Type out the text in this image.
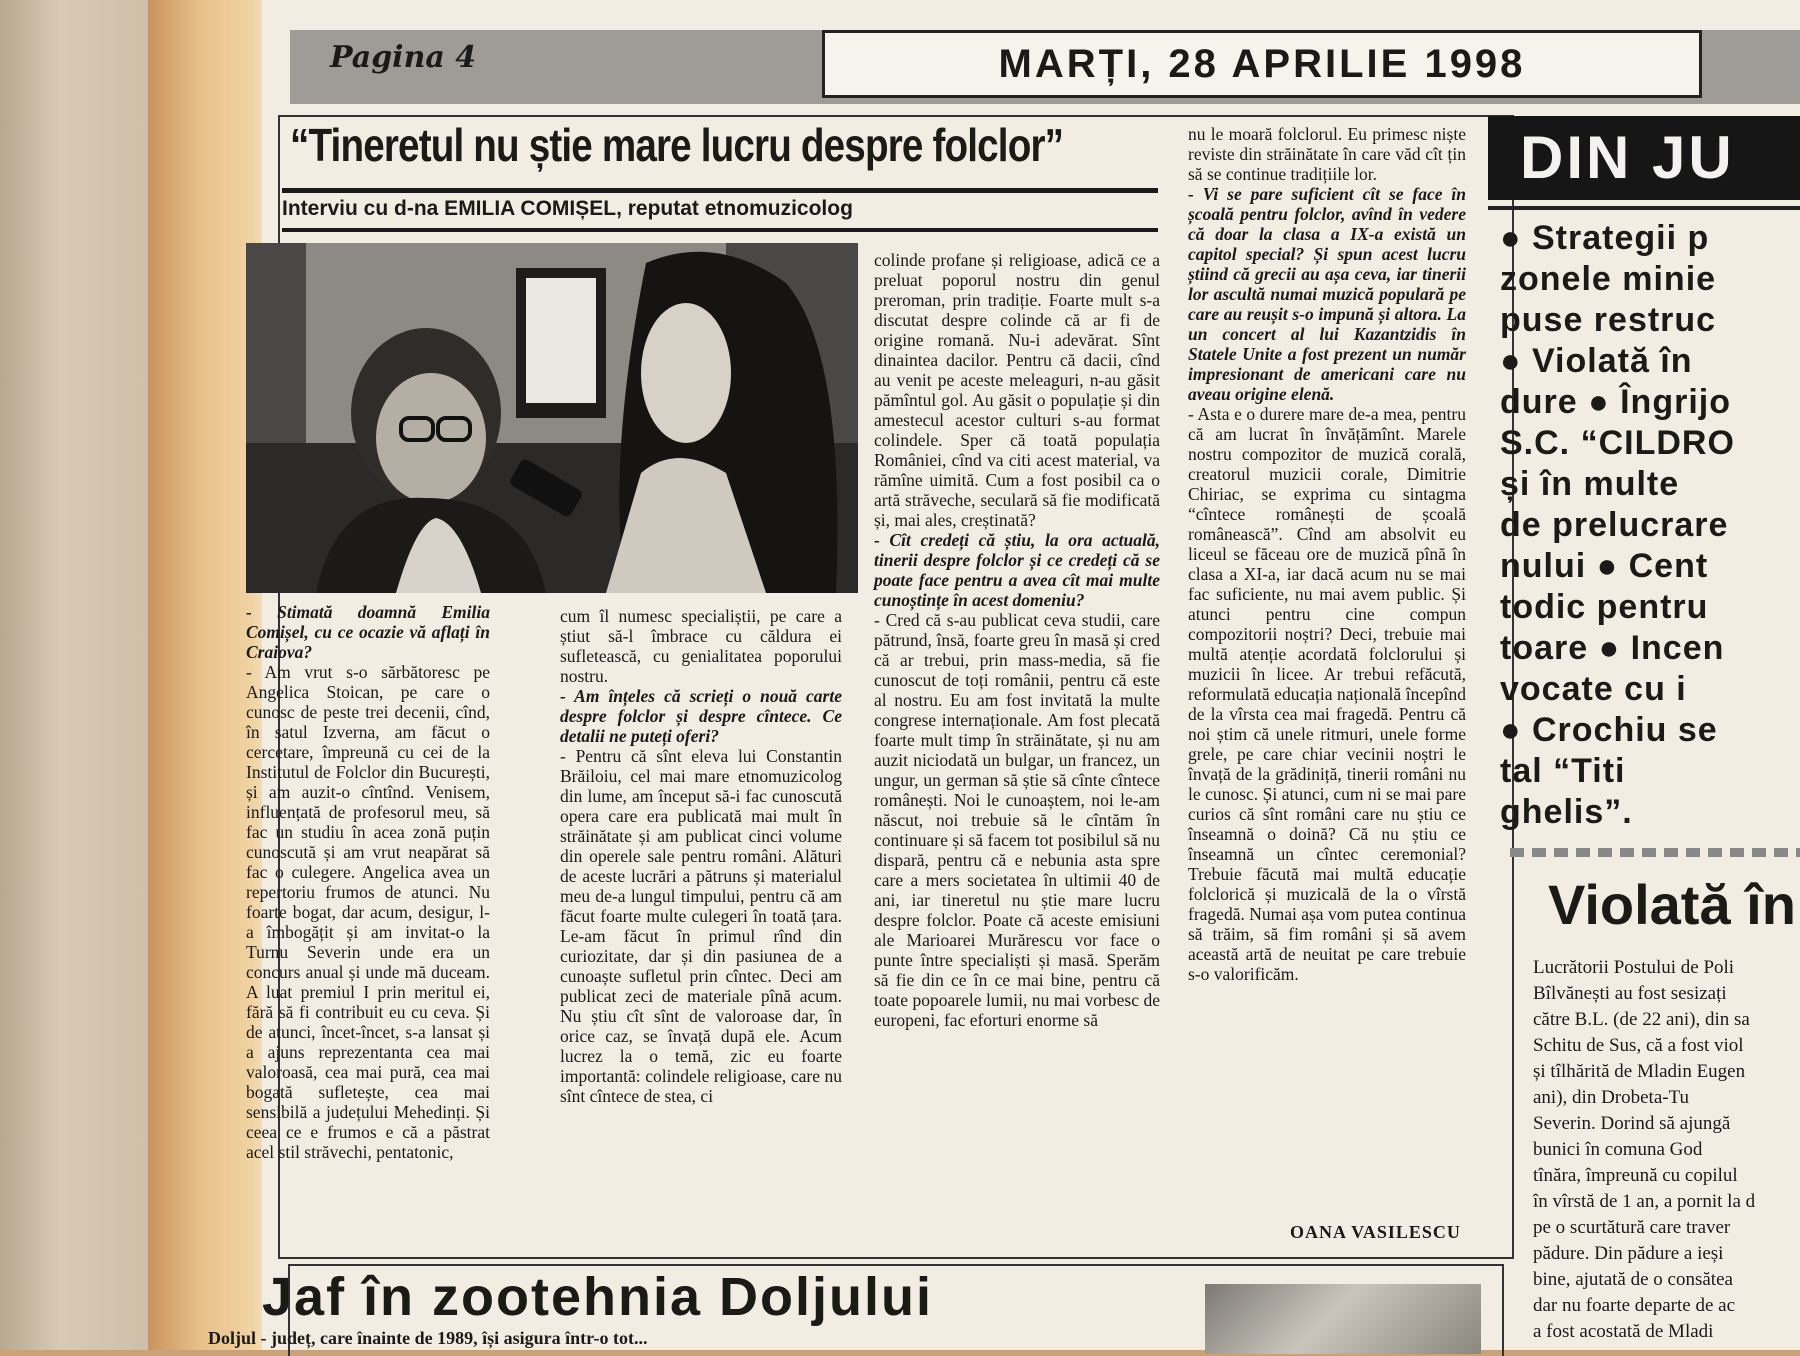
Pagina 4	MARȚI, 28 APRILIE 1998
“Tineretul nu știe mare lucru despre folclor”
Interviu cu d-na EMILIA COMIȘEL, reputat etnomuzicolog

- Stimată doamnă Emilia Comișel, cu ce ocazie vă aflați în Craiova?

- Am vrut s-o sărbătoresc pe Angelica Stoican, pe care o cunosc de peste trei decenii, cînd, în satul Izverna, am făcut o cercetare, împreună cu cei de la Institutul de Folclor din București, și am auzit-o cîntînd. Venisem, influențată de profesorul meu, să fac un studiu în acea zonă puțin cunoscută și am vrut neapărat să fac o culegere. Angelica avea un repertoriu frumos de atunci. Nu foarte bogat, dar acum, desigur, l-a îmbogățit și am invitat-o la Turnu Severin unde era un concurs anual și unde mă duceam. A luat premiul I prin meritul ei, fără să fi contribuit eu cu ceva. Și de atunci, încet-încet, s-a lansat și a ajuns reprezentanta cea mai valoroasă, cea mai pură, cea mai bogată sufletește, cea mai sensibilă a județului Mehedinți. Și ceea ce e frumos e că a păstrat acel stil străvechi, pentatonic,

cum îl numesc specialiștii, pe care a știut să-l îmbrace cu căldura ei sufletească, cu genialitatea poporului nostru.

- Am înțeles că scrieți o nouă carte despre folclor și despre cîntece. Ce detalii ne puteți oferi?

- Pentru că sînt eleva lui Constantin Brăiloiu, cel mai mare etnomuzicolog din lume, am început să-i fac cunoscută opera care era publicată mai mult în străinătate și am publicat cinci volume din operele sale pentru români. Alături de aceste lucrări a pătruns și materialul meu de-a lungul timpului, pentru că am făcut foarte multe culegeri în toată țara. Le-am făcut în primul rînd din curiozitate, dar și din pasiunea de a cunoaște sufletul prin cîntec. Deci am publicat zeci de materiale pînă acum. Nu știu cît sînt de valoroase dar, în orice caz, se învață după ele. Acum lucrez la o temă, zic eu foarte importantă: colindele religioase, care nu sînt cîntece de stea, ci

colinde profane și religioase, adică ce a preluat poporul nostru din genul preroman, prin tradiție. Foarte mult s-a discutat despre colinde că ar fi de origine romană. Nu-i adevărat. Sînt dinaintea dacilor. Pentru că dacii, cînd au venit pe aceste meleaguri, n-au găsit pămîntul gol. Au găsit o populație și din amestecul acestor culturi s-au format colindele. Sper că toată populația României, cînd va citi acest material, va rămîne uimită. Cum a fost posibil ca o artă străveche, seculară să fie modificată și, mai ales, creștinată?

- Cît credeți că știu, la ora actuală, tinerii despre folclor și ce credeți că se poate face pentru a avea cît mai multe cunoștințe în acest domeniu?

- Cred că s-au publicat ceva studii, care pătrund, însă, foarte greu în masă și cred că ar trebui, prin mass-media, să fie cunoscut de toți românii, pentru că este al nostru. Eu am fost invitată la multe congrese internaționale. Am fost plecată foarte mult timp în străinătate, și nu am auzit niciodată un bulgar, un francez, un ungur, un german să știe să cînte cîntece românești. Noi le cunoaștem, noi le-am născut, noi trebuie să le cîntăm în continuare și să facem tot posibilul să nu dispară, pentru că e nebunia asta spre care a mers societatea în ultimii 40 de ani, iar tineretul nu știe mare lucru despre folclor. Poate că aceste emisiuni ale Marioarei Murărescu vor face o punte între specialiști și masă. Sperăm să fie din ce în ce mai bine, pentru că toate popoarele lumii, nu mai vorbesc de europeni, fac eforturi enorme să

nu le moară folclorul. Eu primesc niște reviste din străinătate în care văd cît țin să se continue tradițiile lor.

- Vi se pare suficient cît se face în școală pentru folclor, avînd în vedere că doar la clasa a IX-a există un capitol special? Și spun acest lucru știind că grecii au așa ceva, iar tinerii lor ascultă numai muzică populară pe care au reușit s-o impună și altora. La un concert al lui Kazantzidis în Statele Unite a fost prezent un număr impresionant de americani care nu aveau origine elenă.

- Asta e o durere mare de-a mea, pentru că am lucrat în învățămînt. Marele nostru compozitor de muzică corală, creatorul muzicii corale, Dimitrie Chiriac, se exprima cu sintagma “cîntece românești de școală românească”. Cînd am absolvit eu liceul se făceau ore de muzică pînă în clasa a XI-a, iar dacă acum nu se mai fac suficiente, nu mai avem public. Și atunci pentru cine compun compozitorii noștri? Deci, trebuie mai multă atenție acordată folclorului și muzicii în licee. Ar trebui refăcută, reformulată educația națională începînd de la vîrsta cea mai fragedă. Pentru că noi știm că unele ritmuri, unele forme grele, pe care chiar vecinii noștri le învață de la grădiniță, tinerii români nu le cunosc. Și atunci, cum ni se mai pare curios că sînt români care nu știu ce înseamnă o doină? Că nu știu ce înseamnă un cîntec ceremonial? Trebuie făcută mai multă educație folclorică și muzicală de la o vîrstă fragedă. Numai așa vom putea continua să trăim, să fim români și să avem această artă de neuitat pe care trebuie s-o valorificăm.

OANA VASILESCU
DIN JU
● Strategii p
zonele minie
puse restruc
● Violată în
dure ● Îngrijo
S.C. “CILDRO
și în multe
de prelucrare
nului ● Cent
todic pentru
toare ● Incen
vocate cu i
● Crochiu se
tal “Titi
ghelis”.
Violată în
Lucrătorii Postului de Poli
Bîlvănești au fost sesizați
către B.L. (de 22 ani), din sa
Schitu de Sus, că a fost viol
și tîlhărită de Mladin Eugen
ani), din Drobeta-Tu
Severin. Dorind să ajungă
bunici în comuna God
tînăra, împreună cu copilul
în vîrstă de 1 an, a pornit la d
pe o scurtătură care traver
pădure. Din pădure a ieși
bine, ajutată de o consătea
dar nu foarte departe de ac
a fost acostată de Mladi
Jaf în zootehnia Doljului
Doljul - județ, care înainte de 1989, își asigura într-o tot...
